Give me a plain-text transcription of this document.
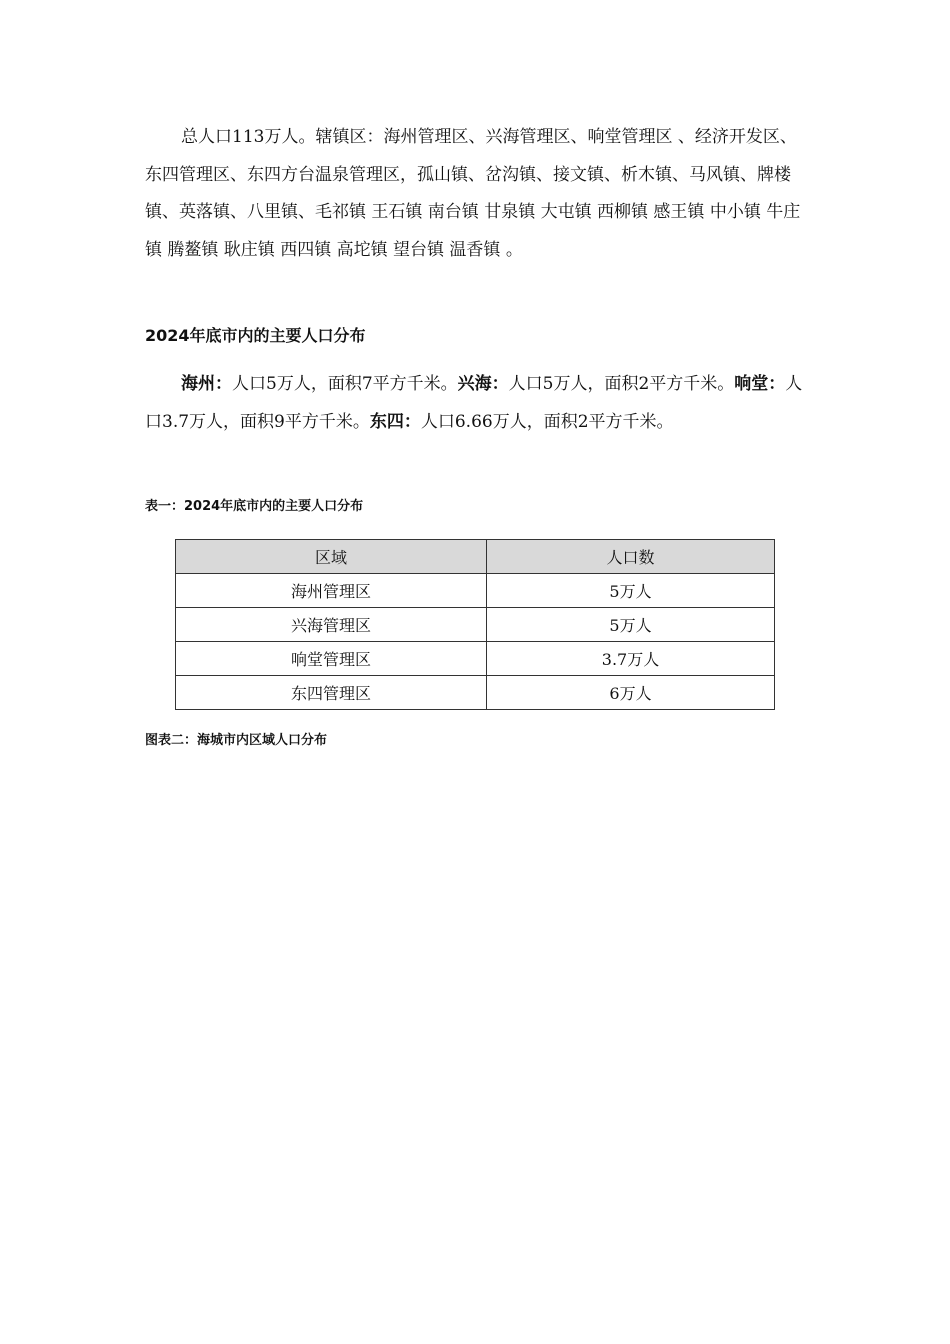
总人口113万人。辖镇区：海州管理区、兴海管理区、响堂管理区 、经济开发区、东四管理区、东四方台温泉管理区，孤山镇、岔沟镇、接文镇、析木镇、马风镇、牌楼镇、英落镇、八里镇、毛祁镇 王石镇 南台镇 甘泉镇 大屯镇 西柳镇 感王镇 中小镇 牛庄镇 腾鳌镇 耿庄镇 西四镇 高坨镇 望台镇 温香镇 。

2024年底市内的主要人口分布

海州：人口5万人，面积7平方千米。兴海：人口5万人，面积2平方千米。响堂：人口3.7万人，面积9平方千米。东四：人口6.66万人，面积2平方千米。

表一：2024年底市内的主要人口分布

区域	人口数
海州管理区	5万人
兴海管理区	5万人
响堂管理区	3.7万人
东四管理区	6万人

图表二：海城市内区域人口分布
